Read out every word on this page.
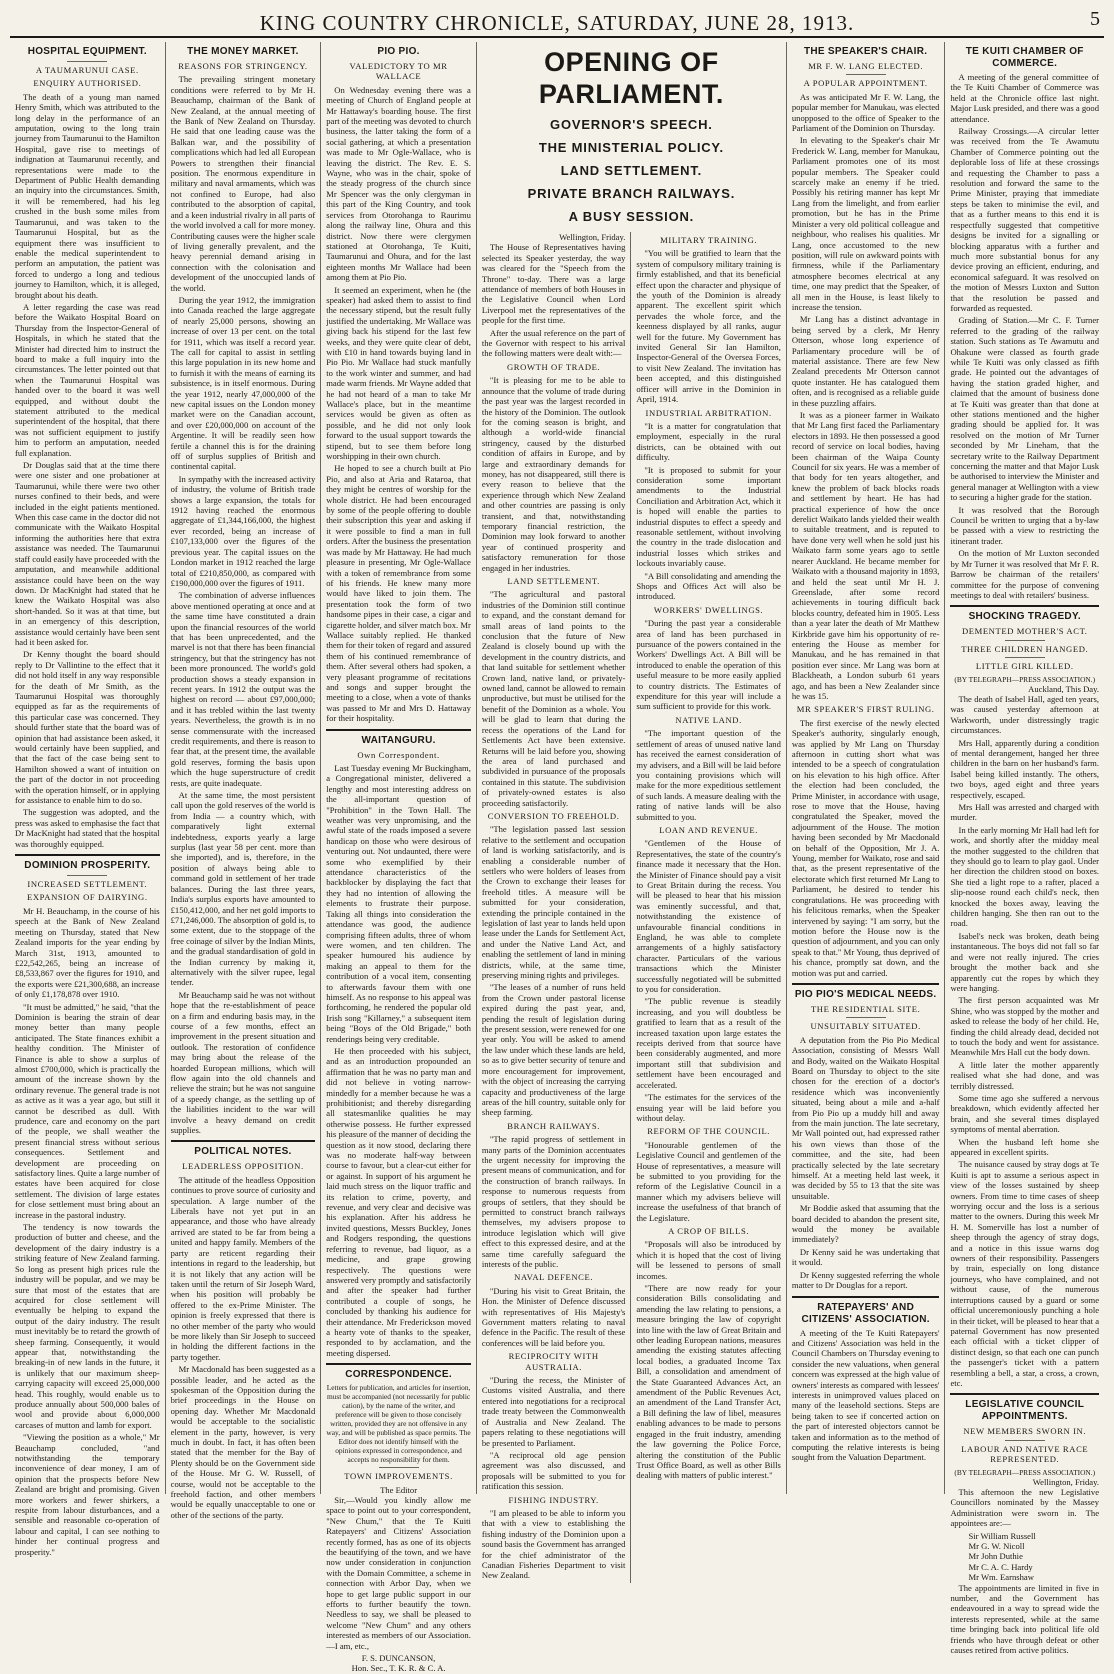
KING COUNTRY CHRONICLE, SATURDAY, JUNE 28, 1913.	5
HOSPITAL EQUIPMENT.
A TAUMARUNUI CASE.
ENQUIRY AUTHORISED.

The death of a young man named Henry Smith, which was attributed to the long delay in the performance of an amputation, owing to the long train journey from Taumarunui to the Hamilton Hospital, gave rise to meetings of indignation at Taumarunui recently, and representations were made to the Department of Public Health demanding an inquiry into the circumstances. Smith, it will be remembered, had his leg crushed in the bush some miles from Taumarunui, and was taken to the Taumarunui Hospital, but as the equipment there was insufficient to enable the medical superintendent to perform an amputation, the patient was forced to undergo a long and tedious journey to Hamilton, which, it is alleged, brought about his death.

A letter regarding the case was read before the Waikato Hospital Board on Thursday from the Inspector-General of Hospitals, in which he stated that the Minister had directed him to instruct the board to make a full inquiry into the circumstances. The letter pointed out that when the Taumarunui Hospital was handed over to the board it was well equipped, and without doubt the statement attributed to the medical superintendent of the hospital, that there was not sufficient equipment to justify him to perform an amputation, needed full explanation.

Dr Douglas said that at the time there were one sister and one probationer at Taumarunui, while there were two other nurses confined to their beds, and were included in the eight patients mentioned. When this case came in the doctor did not communicate with the Waikato Hospital informing the authorities here that extra assistance was needed. The Taumarunui staff could easily have proceeded with the amputation, and meanwhile additional assistance could have been on the way down. Dr MacKnight had stated that he knew the Waikato Hospital was also short-handed. So it was at that time, but in an emergency of this description, assistance would certainly have been sent had it been asked for.

Dr Kenny thought the board should reply to Dr Vallintine to the effect that it did not hold itself in any way responsible for the death of Mr Smith, as the Taumarunui Hospital was thoroughly equipped as far as the requirements of this particular case was concerned. They should further state that the board was of opinion that had assistance been asked, it would certainly have been supplied, and that the fact of the case being sent to Hamilton showed a want of intuition on the part of the doctor in not proceeding with the operation himself, or in applying for assistance to enable him to do so.

The suggestion was adopted, and the press was asked to emphasise the fact that Dr MacKnight had stated that the hospital was thoroughly equipped.

DOMINION PROSPERITY.
INCREASED SETTLEMENT.
EXPANSION OF DAIRYING.

Mr H. Beauchamp, in the course of his speech at the Bank of New Zealand meeting on Thursday, stated that New Zealand imports for the year ending by March 31st, 1913, amounted to £22,542,265, being an increase of £8,533,867 over the figures for 1910, and the exports were £21,300,688, an increase of only £1,178,878 over 1910.

"It must be admitted," he said, "that the Dominion is bearing the strain of dear money better than many people anticipated. The State finances exhibit a healthy condition. The Minister of Finance is able to show a surplus of almost £700,000, which is practically the amount of the increase shown by the ordinary revenue. The general trade is not as active as it was a year ago, but still it cannot be described as dull. With prudence, care and economy on the part of the people, we shall weather the present financial stress without serious consequences. Settlement and development are proceeding on satisfactory lines. Quite a large number of estates have been acquired for close settlement. The division of large estates for close settlement must bring about an increase in the pastoral industry.

The tendency is now towards the production of butter and cheese, and the development of the dairy industry is a striking feature of New Zealand farming. So long as present high prices rule the industry will be popular, and we may be sure that most of the estates that are acquired for close settlement will eventually be helping to expand the output of the dairy industry. The result must inevitably be to retard the growth of sheep farming. Consequently, it would appear that, notwithstanding the breaking-in of new lands in the future, it is unlikely that our maximum sheep-carrying capacity will exceed 25,000,000 head. This roughly, would enable us to produce annually about 500,000 bales of wool and provide about 6,000,000 carcases of mutton and lamb for export.

"Viewing the position as a whole," Mr Beauchamp concluded, "and notwithstanding the temporary inconvenience of dear money, I am of opinion that the prospects before New Zealand are bright and promising. Given more workers and fewer shirkers, a respite from labour disturbances, and a sensible and reasonable co-operation of labour and capital, I can see nothing to hinder her continual progress and prosperity."

THE MONEY MARKET.
REASONS FOR STRINGENCY.

The prevailing stringent monetary conditions were referred to by Mr H. Beauchamp, chairman of the Bank of New Zealand, at the annual meeting of the Bank of New Zealand on Thursday. He said that one leading cause was the Balkan war, and the possibility of complications which had led all European Powers to strengthen their financial position. The enormous expenditure in military and naval armaments, which was not confined to Europe, had also contributed to the absorption of capital, and a keen industrial rivalry in all parts of the world involved a call for more money. Contributing causes were the higher scale of living generally prevalent, and the heavy perennial demand arising in connection with the colonisation and development of the unoccupied lands of the world.

During the year 1912, the immigration into Canada reached the large aggregate of nearly 25,000 persons, showing an increase of over 13 per cent. on the total for 1911, which was itself a record year. The call for capital to assist in settling this large population in its new home and to furnish it with the means of earning its subsistence, is in itself enormous. During the year 1912, nearly 47,000,000 of the new capital issues on the London money market were on the Canadian account, and over £20,000,000 on account of the Argentine. It will be readily seen how fertile a channel this is for the draining off of surplus supplies of British and continental capital.

In sympathy with the increased activity of industry, the volume of British trade shows a large expansion, the totals for 1912 having reached the enormous aggregate of £1,344,166,000, the highest ever recorded, being an increase of £107,133,000 over the figures of the previous year. The capital issues on the London market in 1912 reached the large total of £210,850,000, as compared with £190,000,000 over the figures of 1911.

The combination of adverse influences above mentioned operating at once and at the same time have constituted a drain upon the financial resources of the world that has been unprecedented, and the marvel is not that there has been financial stringency, but that the stringency has not been more pronounced. The world's gold production shows a steady expansion in recent years. In 1912 the output was the highest on record — about £97,000,000; and it has trebled within the last twenty years. Nevertheless, the growth is in no sense commensurate with the increased credit requirements, and there is reason to fear that, at the present time, the available gold reserves, forming the basis upon which the huge superstructure of credit rests, are quite inadequate.

At the same time, the most persistent call upon the gold reserves of the world is from India — a country which, with comparatively light external indebtedness, exports yearly a large surplus (last year 58 per cent. more than she imported), and is, therefore, in the position of always being able to command gold in settlement of her trade balances. During the last three years, India's surplus exports have amounted to £150,412,000, and her net gold imports to £71,246,000. The absorption of gold is, to some extent, due to the stoppage of the free coinage of silver by the Indian Mints, and the gradual standardisation of gold in the Indian currency by making it, alternatively with the silver rupee, legal tender.

Mr Beauchamp said he was not without hope that the re-establishment of peace on a firm and enduring basis may, in the course of a few months, effect an improvement in the present situation and outlook. The restoration of confidence may bring about the release of the hoarded European millions, which will flow again into the old channels and relieve the strain; but he was not sanguine of a speedy change, as the settling up of the liabilities incident to the war will involve a heavy demand on credit supplies.

POLITICAL NOTES.
LEADERLESS OPPOSITION.

The attitude of the headless Opposition continues to prove source of curiosity and speculation. A large number of the Liberals have not yet put in an appearance, and those who have already arrived are stated to be far from being a united and happy family. Members of the party are reticent regarding their intentions in regard to the leadership, but it is not likely that any action will be taken until the return of Sir Joseph Ward, when his position will probably be offered to the ex-Prime Minister. The opinion is freely expressed that there is no other member of the party who would be more likely than Sir Joseph to succeed in holding the different factions in the party together.

Mr Macdonald has been suggested as a possible leader, and he acted as the spokesman of the Opposition during the brief proceedings in the House on opening day. Whether Mr Macdonald would be acceptable to the socialistic element in the party, however, is very much in doubt. In fact, it has often been stated that the member for the Bay of Plenty should be on the Government side of the House. Mr G. W. Russell, of course, would not be acceptable to the freehold faction, and other members would be equally unacceptable to one or other of the sections of the party.

PIO PIO.
VALEDICTORY TO MR WALLACE

On Wednesday evening there was a meeting of Church of England people at Mr Hattaway's boarding house. The first part of the meeting was devoted to church business, the latter taking the form of a social gathering, at which a presentation was made to Mr Ogle-Wallace, who is leaving the district. The Rev. E. S. Wayne, who was in the chair, spoke of the steady progress of the church since Mr Spencer was the only clergyman in this part of the King Country, and took services from Otorohanga to Raurimu along the railway line, Ohura and this district. Now there were clergymen stationed at Otorohanga, Te Kuiti, Taumarunui and Ohura, and for the last eighteen months Mr Wallace had been among them at Pio Pio.

It seemed an experiment, when he (the speaker) had asked them to assist to find the necessary stipend, but the result fully justified the undertaking. Mr Wallace was giving back his stipend for the last few weeks, and they were quite clear of debt, with £10 in hand towards buying land in Pio Pio. Mr Wallace had stuck manfully to the work winter and summer, and had made warm friends. Mr Wayne added that he had not heard of a man to take Mr Wallace's place, but in the meantime services would be given as often as possible, and he did not only look forward to the usual support towards the stipend, but to see them before long worshipping in their own church.

He hoped to see a church built at Pio Pio, and also at Aria and Rataroa, that they might be centres of worship for the whole district. He had been encouraged by some of the people offering to double their subscription this year and asking if it were possible to find a man in full orders. After the business the presentation was made by Mr Hattaway. He had much pleasure in presenting, Mr Ogle-Wallace with a token of remembrance from some of his friends. He knew many more would have liked to join them. The presentation took the form of two handsome pipes in their case, a cigar and cigarette holder, and silver match box. Mr Wallace suitably replied. He thanked them for their token of regard and assured them of his continued remembrance of them. After several others had spoken, a very pleasant programme of recitations and songs and supper brought the meeting to a close, when a vote of thanks was passed to Mr and Mrs D. Hattaway for their hospitality.

WAITANGURU.
Own Correspondent.

Last Tuesday evening Mr Buckingham, a Congregational minister, delivered a lengthy and most interesting address on the all-important question of "Prohibition" in the Town Hall. The weather was very unpromising, and the awful state of the roads imposed a severe handicap on those who were desirous of venturing out. Not undaunted, there were some who exemplified by their attendance characteristics of the backblocker by displaying the fact that they had no intention of allowing the elements to frustrate their purpose. Taking all things into consideration the attendance was good, the audience comprising fifteen adults, three of whom were women, and ten children. The speaker humoured his audience by making an appeal to them for the contribution of a vocal item, consenting to afterwards favour them with one himself. As no response to his appeal was forthcoming, he rendered the popular old Irish song "Killarney," a subsequent item being "Boys of the Old Brigade," both renderings being very creditable.

He then proceeded with his subject, and as an introduction propounded an affirmation that he was no party man and did not believe in voting narrow-mindedly for a member because he was a prohibitionist; and thereby disregarding all statesmanlike qualities he may otherwise possess. He further expressed his pleasure of the manner of deciding the question as it now stood, declaring there was no moderate half-way between course to favour, but a clear-cut either for or against. In support of his argument he laid much stress on the liquor traffic and its relation to crime, poverty, and revenue, and very clear and decisive was his explanation. After his address he invited questions, Messrs Buckley, Jones and Rodgers responding, the questions referring to revenue, bad liquor, as a medicine, and grape growing respectively. The questions were answered very promptly and satisfactorily and after the speaker had further contributed a couple of songs, he concluded by thanking his audience for their attendance. Mr Frederickson moved a hearty vote of thanks to the speaker, responded to by acclamation, and the meeting dispersed.

CORRESPONDENCE.

Letters for publication, and articles for insertion, must be accompanied (not necessarily for public cation), by the name of the writer, and preference will be given to those concisely written, provided they are not offensive in any way, and will be published as space permits. The Editor does not identify himself with the opinions expressed in correspondence, and accepts no responsibility for them.

TOWN IMPROVEMENTS.
The Editor

Sir,—Would you kindly allow me space to point out to your correspondent, "New Chum," that the Te Kuiti Ratepayers' and Citizens' Association recently formed, has as one of its objects the beautifying of the town, and we have now under consideration in conjunction with the Domain Committee, a scheme in connection with Arbor Day, when we hope to get large public support in our efforts to further beautify the town. Needless to say, we shall be pleased to welcome "New Chum" and any others interested as members of our Association.—I am, etc.,

F. S. DUNCANSON,
Hon. Sec., T. K. R. & C. A.
OPENING OF PARLIAMENT.
GOVERNOR'S SPEECH.
THE MINISTERIAL POLICY.
LAND SETTLEMENT.
PRIVATE BRANCH RAILWAYS.
A BUSY SESSION.
Wellington, Friday.

The House of Representatives having selected its Speaker yesterday, the way was cleared for the "Speech from the Throne" to-day. There was a large attendance of members of both Houses in the Legislative Council when Lord Liverpool met the representatives of the people for the first time.

After the usual reference on the part of the Governor with respect to his arrival the following matters were dealt with:—

GROWTH OF TRADE.

"It is pleasing for me to be able to announce that the volume of trade during the past year was the largest recorded in the history of the Dominion. The outlook for the coming season is bright, and although a world-wide financial stringency, caused by the disturbed condition of affairs in Europe, and by large and extraordinary demands for money, has not disappeared, still there is every reason to believe that the experience through which New Zealand and other countries are passing is only transient, and that, notwithstanding temporary financial restriction, the Dominion may look forward to another year of continued prosperity and satisfactory remuneration for those engaged in her industries.

LAND SETTLEMENT.

"The agricultural and pastoral industries of the Dominion still continue to expand, and the constant demand for small areas of land points to the conclusion that the future of New Zealand is closely bound up with the development in the country districts, and that land suitable for settlement whether Crown land, native land, or privately-owned land, cannot be allowed to remain unproductive, but must be utilised for the benefit of the Dominion as a whole. You will be glad to learn that during the recess the operations of the Land for Settlements Act have been extensive. Returns will be laid before you, showing the area of land purchased and subdivided in pursuance of the proposals contained in this statute. The subdivision of privately-owned estates is also proceeding satisfactorily.

CONVERSION TO FREEHOLD.

"The legislation passed last session relative to the settlement and occupation of land is working satisfactorily, and is enabling a considerable number of settlers who were holders of leases from the Crown to exchange their leases for freehold titles. A measure will be submitted for your consideration, extending the principle contained in the legislation of last year to lands held upon lease under the Lands for Settlement Act, and under the Native Land Act, and enabling the settlement of land in mining districts, while, at the same time, preserving mining rights and privileges.

"The leases of a number of runs held from the Crown under pastoral license expired during the past year, and, pending the result of legislation during the present session, were renewed for one year only. You will be asked to amend the law under which these lands are held, so as to give better security of tenure and more encouragement for improvement, with the object of increasing the carrying capacity and productiveness of the large areas of the hill country, suitable only for sheep farming.

BRANCH RAILWAYS.

"The rapid progress of settlement in many parts of the Dominion accentuates the urgent necessity for improving the present means of communication, and for the construction of branch railways. In response to numerous requests from groups of settlers, that they should be permitted to construct branch railways themselves, my advisers propose to introduce legislation which will give effect to this expressed desire, and at the same time carefully safeguard the interests of the public.

NAVAL DEFENCE.

"During his visit to Great Britain, the Hon. the Minister of Defence discussed with representatives of His Majesty's Government matters relating to naval defence in the Pacific. The result of these conferences will be laid before you.

RECIPROCITY WITH AUSTRALIA.

"During the recess, the Minister of Customs visited Australia, and there entered into negotiations for a reciprocal trade treaty between the Commonwealth of Australia and New Zealand. The papers relating to these negotiations will be presented to Parliament.

"A reciprocal old age pension agreement was also discussed, and proposals will be submitted to you for ratification this session.

FISHING INDUSTRY.

"I am pleased to be able to inform you that with a view to establishing the fishing industry of the Dominion upon a sound basis the Government has arranged for the chief administrator of the Canadian Fisheries Department to visit New Zealand.

MILITARY TRAINING.

"You will be gratified to learn that the system of compulsory military training is firmly established, and that its beneficial effect upon the character and physique of the youth of the Dominion is already apparent. The excellent spirit which pervades the whole force, and the keenness displayed by all ranks, augur well for the future. My Government has invited General Sir Ian Hamilton, Inspector-General of the Oversea Forces, to visit New Zealand. The invitation has been accepted, and this distinguished officer will arrive in the Dominion in April, 1914.

INDUSTRIAL ARBITRATION.

"It is a matter for congratulation that employment, especially in the rural districts, can be obtained with out difficulty.

"It is proposed to submit for your consideration some important amendments to the Industrial Conciliation and Arbitration Act, which it is hoped will enable the parties to industrial disputes to effect a speedy and reasonable settlement, without involving the country in the trade dislocation and industrial losses which strikes and lockouts invariably cause.

"A Bill consolidating and amending the Shops and Offices Act will also be introduced.

WORKERS' DWELLINGS.

"During the past year a considerable area of land has been purchased in pursuance of the powers contained in the Workers' Dwellings Act. A Bill will be introduced to enable the operation of this useful measure to be more easily applied to country districts. The Estimates of expenditure for this year will include a sum sufficient to provide for this work.

NATIVE LAND.

"The important question of the settlement of areas of unused native land has received the earnest consideration of my advisers, and a Bill will be laid before you containing provisions which will make for the more expeditious settlement of such lands. A measure dealing with the rating of native lands will be also submitted to you.

LOAN AND REVENUE.

"Gentlemen of the House of Representatives, the state of the country's finance made it necessary that the Hon. the Minister of Finance should pay a visit to Great Britain during the recess. You will be pleased to hear that his mission was eminently successful, and that, notwithstanding the existence of unfavourable financial conditions in England, he was able to complete arrangements of a highly satisfactory character. Particulars of the various transactions which the Minister successfully negotiated will be submitted to you for consideration.

"The public revenue is steadily increasing, and you will doubtless be gratified to learn that as a result of the increased taxation upon large estates the receipts derived from that source have been considerably augmented, and more important still that subdivision and settlement have been encouraged and accelerated.

"The estimates for the services of the ensuing year will be laid before you without delay.

REFORM OF THE COUNCIL.

"Honourable gentlemen of the Legislative Council and gentlemen of the House of representatives, a measure will be submitted to you providing for the reform of the Legislative Council in a manner which my advisers believe will increase the usefulness of that branch of the Legislature.

A CROP OF BILLS.

"Proposals will also be introduced by which it is hoped that the cost of living will be lessened to persons of small incomes.

"There are now ready for your consideration Bills consolidating and amending the law relating to pensions, a measure bringing the law of copyright into line with the law of Great Britain and other leading European nations, measures amending the existing statutes affecting local bodies, a graduated Income Tax Bill, a consolidation and amendment of the State Guaranteed Advances Act, an amendment of the Public Revenues Act, an amendment of the Land Transfer Act, a Bill defining the law of libel, measures enabling advances to be made to persons engaged in the fruit industry, amending the law governing the Police Force, altering the constitution of the Public Trust Office Board, as well as other Bills dealing with matters of public interest."

THE SPEAKER'S CHAIR.
MR F. W. LANG ELECTED.
A POPULAR APPOINTMENT.

As was anticipated Mr F. W. Lang, the popular member for Manukau, was elected unopposed to the office of Speaker to the Parliament of the Dominion on Thursday.

In elevating to the Speaker's chair Mr Frederick W. Lang, member for Manukau, Parliament promotes one of its most popular members. The Speaker could scarcely make an enemy if he tried. Possibly his retiring manner has kept Mr Lang from the limelight, and from earlier promotion, but he has in the Prime Minister a very old political colleague and neighbour, who realises his qualities. Mr Lang, once accustomed to the new position, will rule on awkward points with firmness, while if the Parliamentary atmosphere becomes electrical at any time, one may predict that the Speaker, of all men in the House, is least likely to increase the tension.

Mr Lang has a distinct advantage in being served by a clerk, Mr Henry Otterson, whose long experience of Parliamentary procedure will be of material assistance. There are few New Zealand precedents Mr Otterson cannot quote instanter. He has catalogued them often, and is recognised as a reliable guide in these puzzling affairs.

It was as a pioneer farmer in Waikato that Mr Lang first faced the Parliamentary electors in 1893. He then possessed a good record of service on local bodies, having been chairman of the Waipa County Council for six years. He was a member of that body for ten years altogether, and knew the problem of back blocks roads and settlement by heart. He has had practical experience of how the once derelict Waikato lands yielded their wealth to suitable treatment, and is reputed to have done very well when he sold just his Waikato farm some years ago to settle nearer Auckland. He became member for Waikato with a thousand majority in 1893, and held the seat until Mr H. J. Greenslade, after some record achievements in touring difficult back blocks country, defeated him in 1905. Less than a year later the death of Mr Matthew Kirkbride gave him his opportunity of re-entering the House as member for Manukau, and he has remained in that position ever since. Mr Lang was born at Blackheath, a London suburb 61 years ago, and has been a New Zealander since he was 15.

MR SPEAKER'S FIRST RULING.

The first exercise of the newly elected Speaker's authority, singularly enough, was applied by Mr Lang on Thursday afternoon in cutting short what was intended to be a speech of congratulation on his elevation to his high office. After the election had been concluded, the Prime Minister, in accordance with usage, rose to move that the House, having congratulated the Speaker, moved the adjournment of the House. The motion having been seconded by Mr Macdonald on behalf of the Opposition, Mr J. A. Young, member for Waikato, rose and said that, as the present representative of the electorate which first returned Mr Lang to Parliament, he desired to tender his congratulations. He was proceeding with his felicitous remarks, when the Speaker intervened by saying: "I am sorry, but the motion before the House now is the question of adjournment, and you can only speak to that." Mr Young, thus deprived of his chance, promptly sat down, and the motion was put and carried.

PIO PIO'S MEDICAL NEEDS.
THE RESIDENTIAL SITE.
UNSUITABLY SITUATED.

A deputation from the Pio Pio Medical Association, consisting of Messrs Wall and Body, waited on the Waikato Hospital Board on Thursday to object to the site chosen for the erection of a doctor's residence which was inconveniently situated, being about a mile and a-half from Pio Pio up a muddy hill and away from the main junction. The late secretary, Mr Wall pointed out, had expressed rather his own views than those of the committee, and the site, had been practically selected by the late secretary himself. At a meeting held last week, it was decided by 55 to 13 that the site was unsuitable.

Mr Boddie asked that assuming that the board decided to abandon the present site, would the money be available immediately?

Dr Kenny said he was undertaking that it would.

Dr Kenny suggested referring the whole matter to Dr Douglas for a report.

RATEPAYERS' AND CITIZENS' ASSOCIATION.

A meeting of the Te Kuiti Ratepayers' and Citizens' Association was held in the Council Chambers on Thursday evening to consider the new valuations, when general concern was expressed at the high value of owners' interests as compared with lessees' interests in unimproved values placed on many of the leasehold sections. Steps are being taken to see if concerted action on the part of interested objectors cannot be taken and information as to the method of computing the relative interests is being sought from the Valuation Department.

TE KUITI CHAMBER OF COMMERCE.

A meeting of the general committee of the Te Kuiti Chamber of Commerce was held at the Chronicle office last night. Major Lusk presided, and there was a good attendance.

Railway Crossings.—A circular letter was received from the Te Awamutu Chamber of Commerce pointing out the deplorable loss of life at these crossings and requesting the Chamber to pass a resolution and forward the same to the Prime Minister, praying that immediate steps be taken to minimise the evil, and that as a further means to this end it is respectfully suggested that competitive designs be invited for a signalling or blocking apparatus with a further and much more substantial bonus for any device proving an efficient, enduring, and economical safeguard. It was resolved on the motion of Messrs Luxton and Sutton that the resolution be passed and forwarded as requested.

Grading of Station.—Mr C. F. Turner referred to the grading of the railway station. Such stations as Te Awamutu and Ohakune were classed as fourth grade while Te Kuiti was only classed as fifth grade. He pointed out the advantages of having the station graded higher, and claimed that the amount of business done at Te Kuiti was greater than that done at other stations mentioned and the higher grading should be applied for. It was resolved on the motion of Mr Turner seconded by Mr Lineham, that the secretary write to the Railway Department concerning the matter and that Major Lusk be authorised to interview the Minister and general manager at Wellington with a view to securing a higher grade for the station.

It was resolved that the Borough Council be written to urging that a by-law be passed with a view to restricting the itinerant trader.

On the motion of Mr Luxton seconded by Mr Turner it was resolved that Mr F. R. Barrow be chairman of the retailers' committee for the purpose of convening meetings to deal with retailers' business.

SHOCKING TRAGEDY.
DEMENTED MOTHER'S ACT.
THREE CHILDREN HANGED.
LITTLE GIRL KILLED.
(BY TELEGRAPH—PRESS ASSOCIATION.)
Auckland, This Day.

The death of Isabel Hall, aged ten years, was caused yesterday afternoon at Warkworth, under distressingly tragic circumstances.

Mrs Hall, apparently during a condition of mental derangement, hanged her three children in the barn on her husband's farm. Isabel being killed instantly. The others, two boys, aged eight and three years respectively, escaped.

Mrs Hall was arrested and charged with murder.

In the early morning Mr Hall had left for work, and shortly after the midday meal the mother suggested to the children that they should go to learn to play gaol. Under her direction the children stood on boxes. She tied a light rope to a rafter, placed a slip-noose round each child's neck, then knocked the boxes away, leaving the children hanging. She then ran out to the road.

Isabel's neck was broken, death being instantaneous. The boys did not fall so far and were not really injured. The cries brought the mother back and she apparently cut the ropes by which they were hanging.

The first person acquainted was Mr Shine, who was stopped by the mother and asked to release the body of her child. He, finding the child already dead, decided not to touch the body and went for assistance. Meanwhile Mrs Hall cut the body down.

A little later the mother apparently realised what she had done, and was terribly distressed.

Some time ago she suffered a nervous breakdown, which evidently affected her brain, and she several times displayed symptoms of mental aberration.

When the husband left home she appeared in excellent spirits.

The nuisance caused by stray dogs at Te Kuiti is apt to assume a serious aspect in view of the losses sustained by sheep owners. From time to time cases of sheep worrying occur and the loss is a serious matter to the owners. During this week Mr H. M. Somerville has lost a number of sheep through the agency of stray dogs, and a notice in this issue warns dog owners of their responsibility. Passengers by train, especially on long distance journeys, who have complained, and not without cause, of the numerous interruptions caused by a guard or some official unceremoniously punching a hole in their ticket, will be pleased to hear that a paternal Government has now presented each official with a ticket clipper of distinct design, so that each one can punch the passenger's ticket with a pattern resembling a bell, a star, a cross, a crown, etc.

LEGISLATIVE COUNCIL APPOINTMENTS.
NEW MEMBERS SWORN IN.
LABOUR AND NATIVE RACE REPRESENTED.
(BY TELEGRAPH—PRESS ASSOCIATION.)
Wellington, Friday.

This afternoon the new Legislative Councillors nominated by the Massey Administration were sworn in. The appointees are:—

Sir William Russell
Mr G. W. Nicoll
Mr John Duthie
Mr C. A. C. Hardy
Mr Wm. Earnshaw

The appointments are limited in five in number, and the Government has endeavoured in a way to spread wide the interests represented, while at the same time bringing back into political life old friends who have through defeat or other causes retired from active politics.
